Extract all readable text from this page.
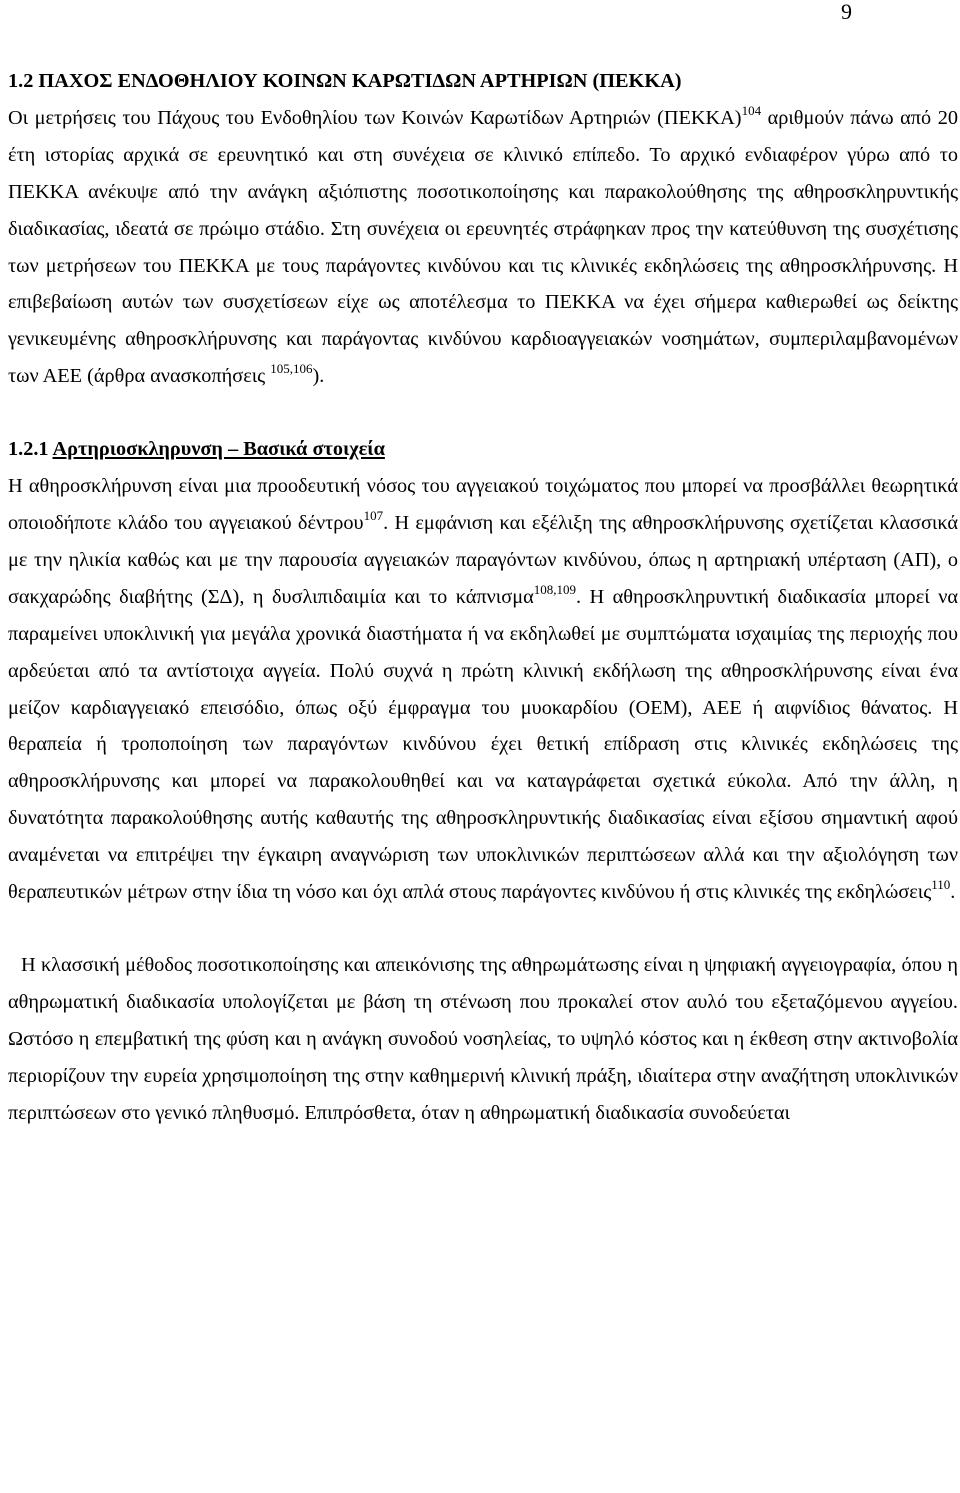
9
1.2 ΠΑΧΟΣ ΕΝΔΟΘΗΛΙΟΥ ΚΟΙΝΩΝ ΚΑΡΩΤΙΔΩΝ ΑΡΤΗΡΙΩΝ (ΠΕΚΚΑ)

Οι μετρήσεις του Πάχους του Ενδοθηλίου των Κοινών Καρωτίδων Αρτηριών $(\Pi EKKA)^{104}$ αριθμούν πάνω από 20 έτη ιστορίας αρχικά σε ερευνητικό και στη συνέχεια σε κλινικό επίπεδο. Το αρχικό ενδιαφέρον γύρω από το ΠΕΚΚΑ ανέκυψε από την ανάγκη αξιόπιστης ποσοτικοποίησης και παρακολούθησης της αθηροσκληρυντικής διαδικασίας, ιδεατά σε πρώιμο στάδιο. Στη συνέχεια οι ερευνητές στράφηκαν προς την κατεύθυνση της συσχέτισης των μετρήσεων του ΠΕΚΚΑ με τους παράγοντες κινδύνου και τις κλινικές εκδηλώσεις της αθηροσκλήρυνσης. Η επιβεβαίωση αυτών των συσχετίσεων είχε ως αποτέλεσμα το ΠΕΚΚΑ να έχει σήμερα καθιερωθεί ως δείκτης γενικευμένης αθηροσκλήρυνσης και παράγοντας κινδύνου καρδιοαγγειακών νοσημάτων, συμπεριλαμβανομένων των ΑΕΕ (άρθρα ανασκοπήσεις $^{105,106}$).

1.2.1 Αρτηριοσκληρυνση – Βασικά στοιχεία

Η αθηροσκλήρυνση είναι μια προοδευτική νόσος του αγγειακού τοιχώματος που μπορεί να προσβάλλει θεωρητικά οποιοδήποτε κλάδο του αγγειακού δέντρου$^{107}$. Η εμφάνιση και εξέλιξη της αθηροσκλήρυνσης σχετίζεται κλασσικά με την ηλικία καθώς και με την παρουσία αγγειακών παραγόντων κινδύνου, όπως η αρτηριακή υπέρταση (ΑΠ), ο σακχαρώδης διαβήτης (ΣΔ), η δυσλιπιδαιμία και το κάπνισμα$^{108,109}$. Η αθηροσκληρυντική διαδικασία μπορεί να παραμείνει υποκλινική για μεγάλα χρονικά διαστήματα ή να εκδηλωθεί με συμπτώματα ισχαιμίας της περιοχής που αρδεύεται από τα αντίστοιχα αγγεία. Πολύ συχνά η πρώτη κλινική εκδήλωση της αθηροσκλήρυνσης είναι ένα μείζον καρδιαγγειακό επεισόδιο, όπως οξύ έμφραγμα του μυοκαρδίου (ΟΕΜ), ΑΕΕ ή αιφνίδιος θάνατος. Η θεραπεία ή τροποποίηση των παραγόντων κινδύνου έχει θετική επίδραση στις κλινικές εκδηλώσεις της αθηροσκλήρυνσης και μπορεί να παρακολουθηθεί και να καταγράφεται σχετικά εύκολα. Από την άλλη, η δυνατότητα παρακολούθησης αυτής καθαυτής της αθηροσκληρυντικής διαδικασίας είναι εξίσου σημαντική αφού αναμένεται να επιτρέψει την έγκαιρη αναγνώριση των υποκλινικών περιπτώσεων αλλά και την αξιολόγηση των θεραπευτικών μέτρων στην ίδια τη νόσο και όχι απλά στους παράγοντες κινδύνου ή στις κλινικές της εκδηλώσεις$^{110}$.

Η κλασσική μέθοδος ποσοτικοποίησης και απεικόνισης της αθηρωμάτωσης είναι η ψηφιακή αγγειογραφία, όπου η αθηρωματική διαδικασία υπολογίζεται με βάση τη στένωση που προκαλεί στον αυλό του εξεταζόμενου αγγείου. Ωστόσο η επεμβατική της φύση και η ανάγκη συνοδού νοσηλείας, το υψηλό κόστος και η έκθεση στην ακτινοβολία περιορίζουν την ευρεία χρησιμοποίηση της στην καθημερινή κλινική πράξη, ιδιαίτερα στην αναζήτηση υποκλινικών περιπτώσεων στο γενικό πληθυσμό. Επιπρόσθετα, όταν η αθηρωματική διαδικασία συνοδεύεται
